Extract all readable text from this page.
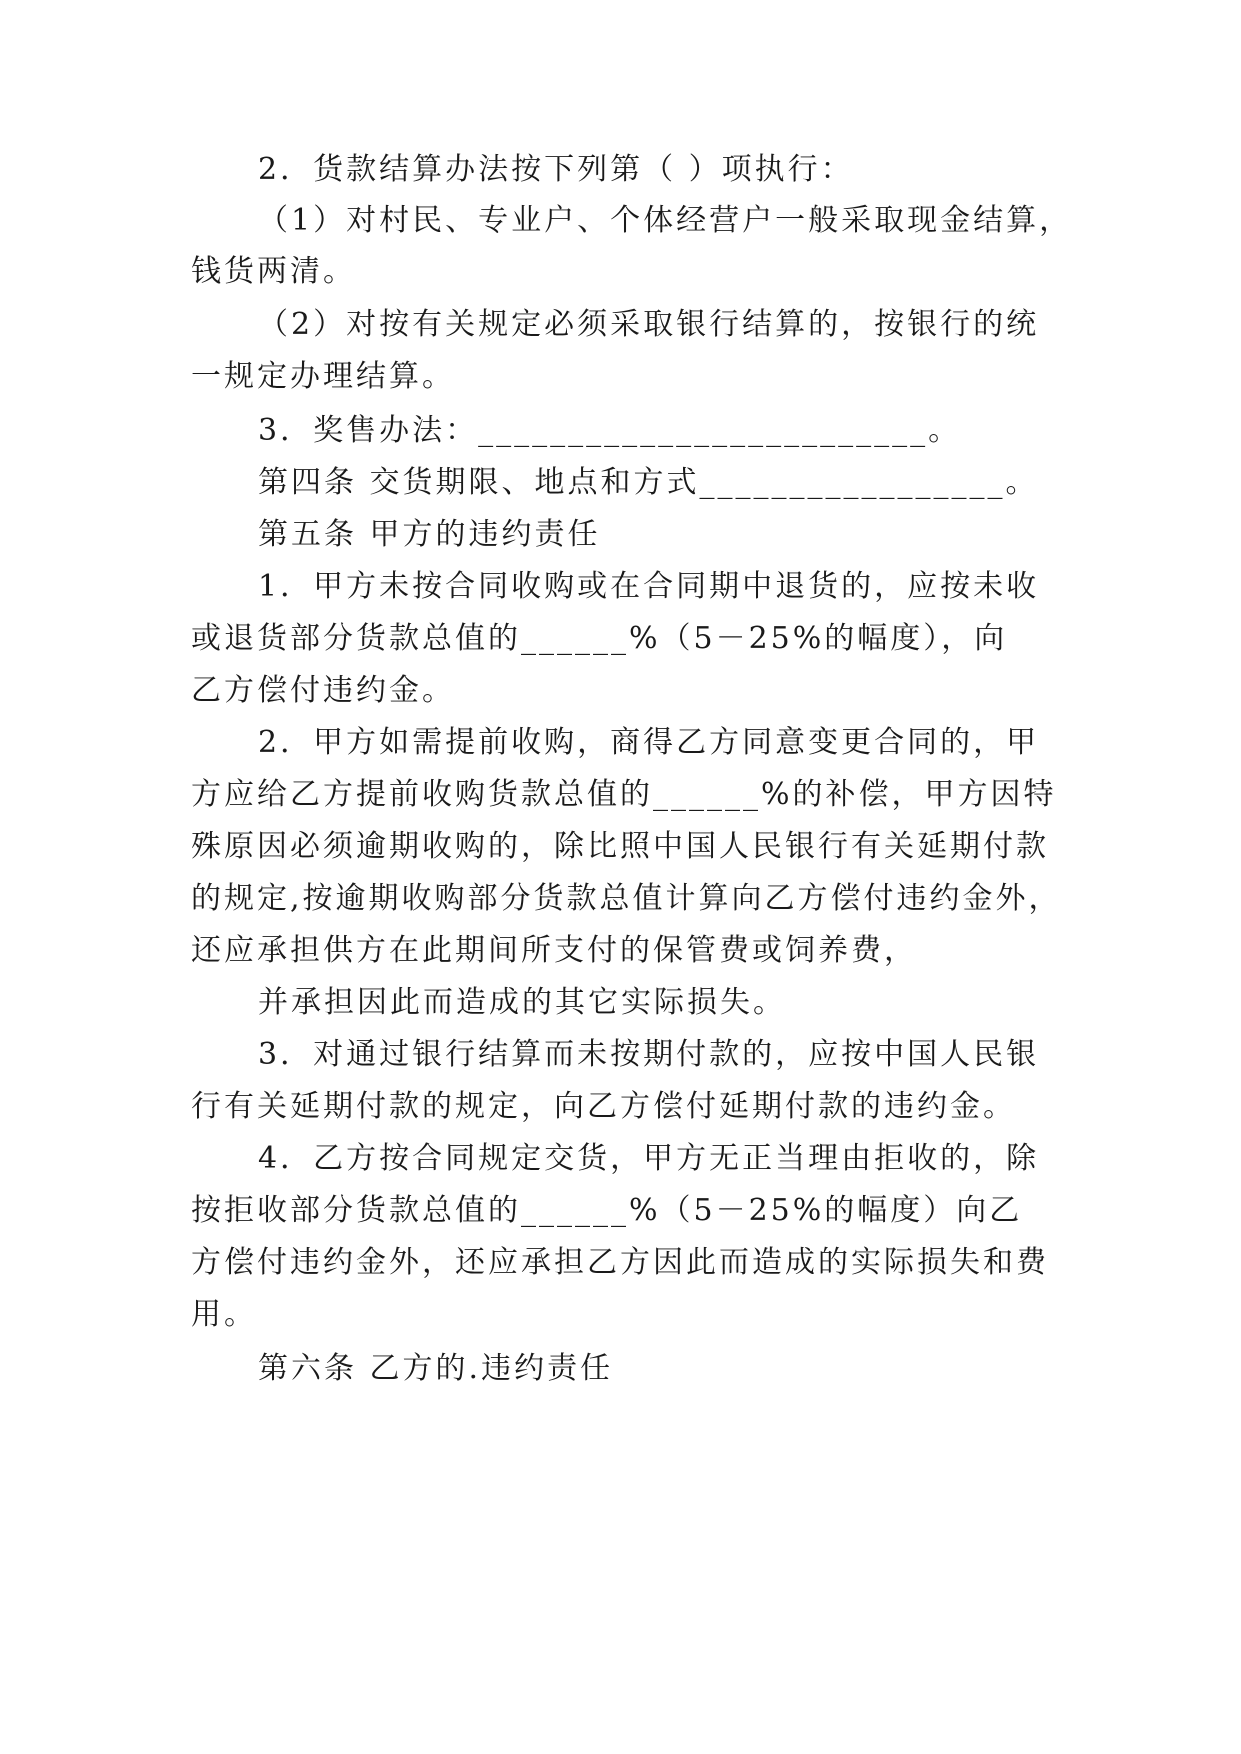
2．货款结算办法按下列第（ ）项执行：
（1）对村民、专业户、个体经营户一般采取现金结算，
钱货两清。
（2）对按有关规定必须采取银行结算的，按银行的统
一规定办理结算。
3．奖售办法：_________________________。
第四条 交货期限、地点和方式_________________。
第五条 甲方的违约责任
1．甲方未按合同收购或在合同期中退货的，应按未收
或退货部分货款总值的______%（5－25%的幅度），向
乙方偿付违约金。
2．甲方如需提前收购，商得乙方同意变更合同的，甲
方应给乙方提前收购货款总值的______%的补偿，甲方因特
殊原因必须逾期收购的，除比照中国人民银行有关延期付款
的规定,按逾期收购部分货款总值计算向乙方偿付违约金外，
还应承担供方在此期间所支付的保管费或饲养费，
并承担因此而造成的其它实际损失。
3．对通过银行结算而未按期付款的，应按中国人民银
行有关延期付款的规定，向乙方偿付延期付款的违约金。
4．乙方按合同规定交货，甲方无正当理由拒收的，除
按拒收部分货款总值的______%（5－25%的幅度）向乙
方偿付违约金外，还应承担乙方因此而造成的实际损失和费
用。
第六条 乙方的.违约责任
